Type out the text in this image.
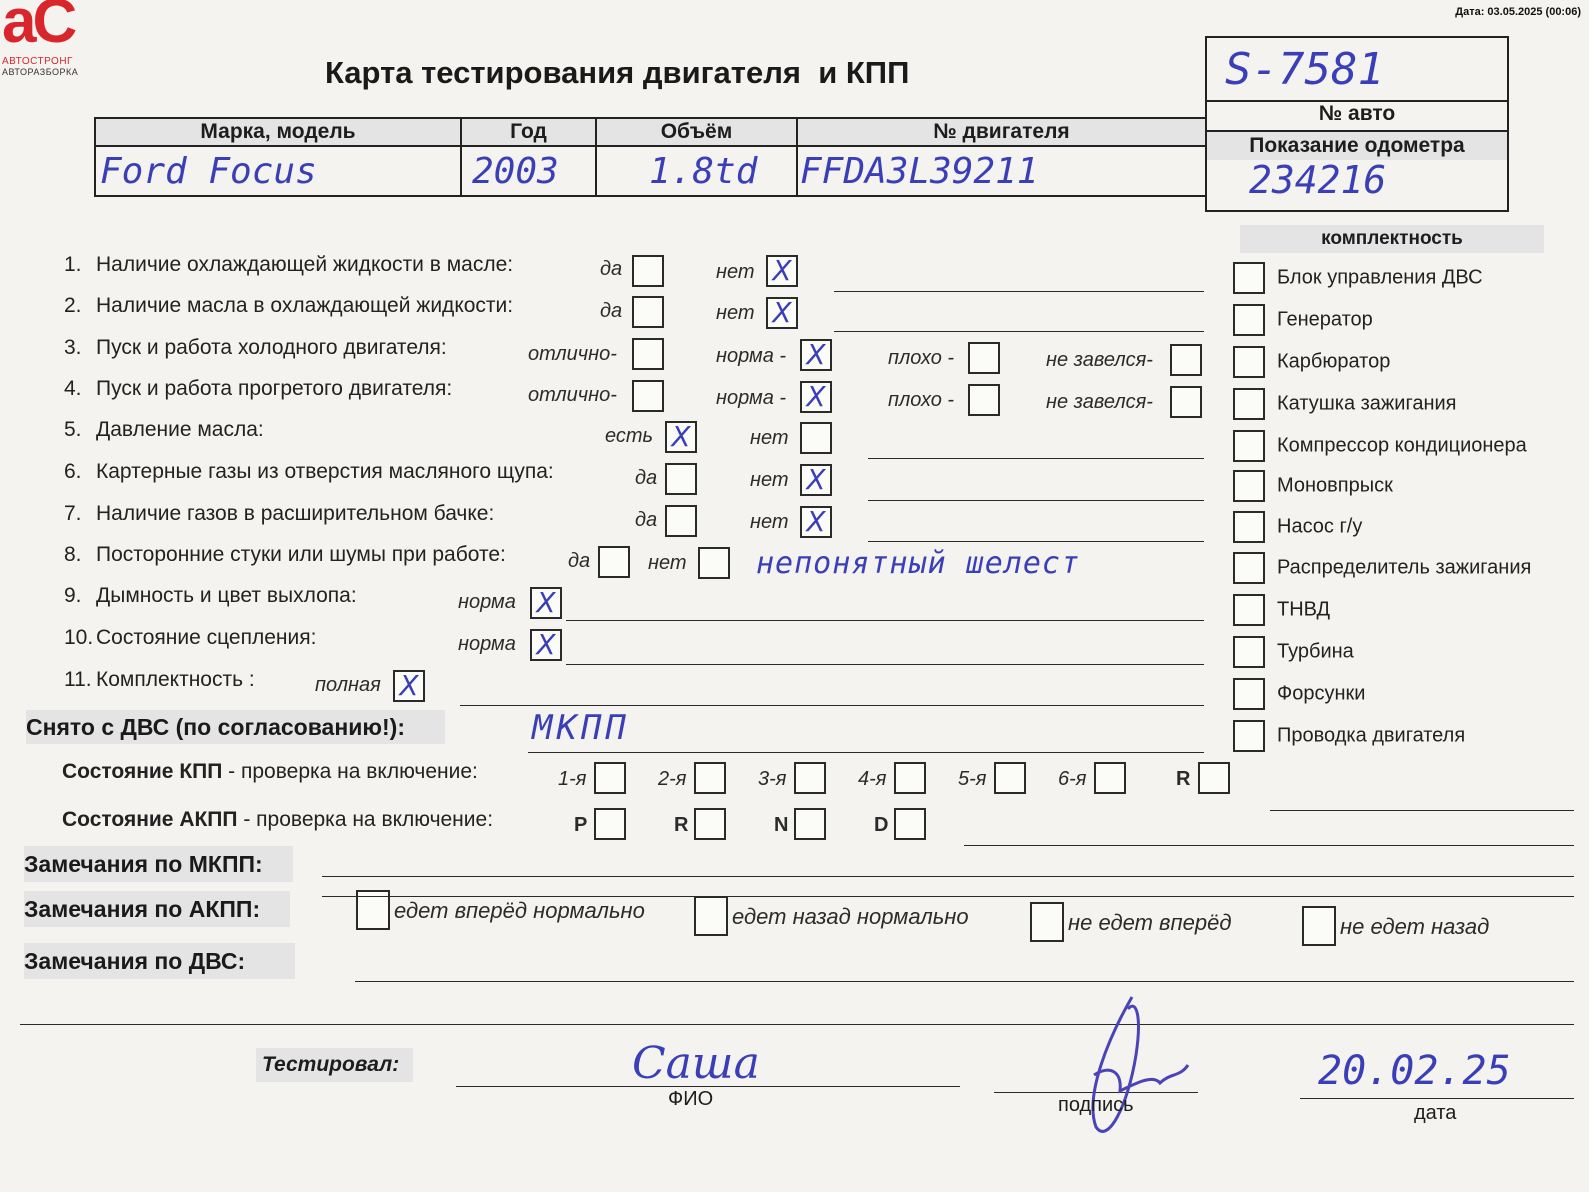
аС
АВТОСТРОНГ
АВТОРАЗБОРКА
Дата: 03.05.2025 (00:06)
Карта тестирования двигателя  и КПП	S-7581
№ авто
Показание одометра
234216
Марка, модель	Год	Объём	№ двигателя
Ford Focus	2003	1.8td	FFDA3L39211
комплектность
Блок управления ДВС
Генератор
Карбюратор
Катушка зажигания
Компрессор кондиционера
Моновпрыск
Насос г/у
Распределитель зажигания
ТНВД
Турбина
Форсунки
Проводка двигателя
1. Наличие охлаждающей жидкости в масле:	да	нет X
2. Наличие масла в охлаждающей жидкости:	да	нет X
3. Пуск и работа холодного двигателя:	отлично-	норма - X	плохо -	не завелся-
4. Пуск и работа прогретого двигателя:	отлично-	норма - X	плохо -	не завелся-
5. Давление масла:	есть X	нет
6. Картерные газы из отверстия масляного щупа:	да	нет X
7. Наличие газов в расширительном бачке:	да	нет X
8. Посторонние стуки или шумы при работе:	да	нет непонятный шелест
9. Дымность и цвет выхлопа:	норма X
10. Состояние сцепления:	норма X
11. Комплектность :	полная X
Снято с ДВС (по согласованию!):	МКПП
Состояние КПП - проверка на включение:	1-я	2-я	3-я	4-я	5-я	6-я	R
Состояние АКПП - проверка на включение:	P	R	N	D
Замечания по МКПП:
Замечания по АКПП:	едет вперёд нормально	едет назад нормально	не едет вперёд	не едет назад
Замечания по ДВС:
Тестировал:	Саша
ФИО	подпись
20.02.25
дата
